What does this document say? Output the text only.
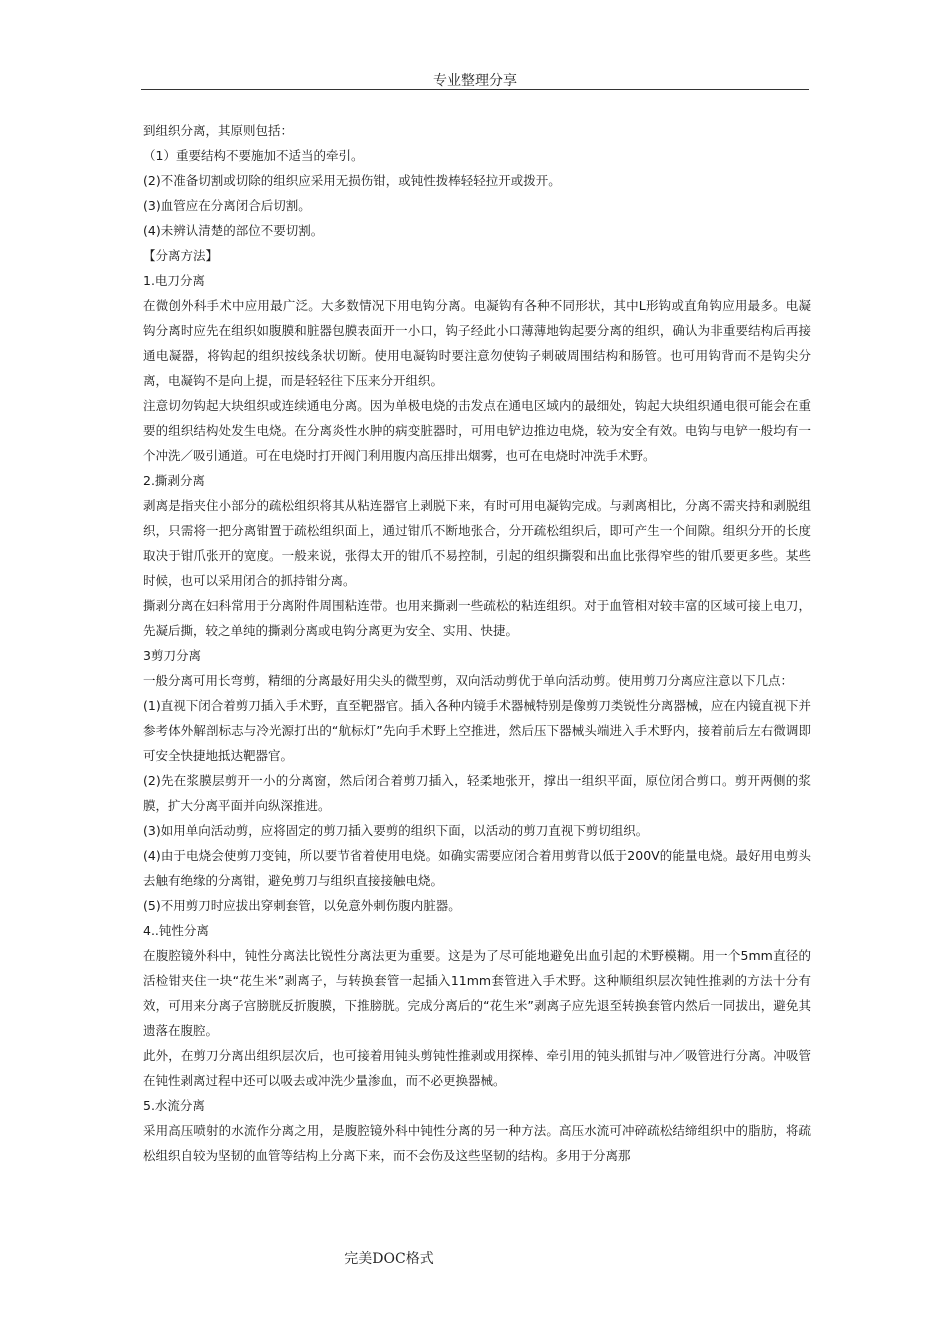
专业整理分享

到组织分离，其原则包括：

（1）重要结构不要施加不适当的牵引。

(2)不准备切割或切除的组织应采用无损伤钳，或钝性拨棒轻轻拉开或拨开。

(3)血管应在分离闭合后切割。

(4)未辨认清楚的部位不要切割。

【分离方法】

1.电刀分离

在微创外科手术中应用最广泛。大多数情况下用电钩分离。电凝钩有各种不同形状，其中L形钩或直角钩应用最多。电凝钩分离时应先在组织如腹膜和脏器包膜表面开一小口，钩子经此小口薄薄地钩起要分离的组织，确认为非重要结构后再接通电凝器，将钩起的组织按线条状切断。使用电凝钩时要注意勿使钩子刺破周围结构和肠管。也可用钩背而不是钩尖分离，电凝钩不是向上提，而是轻轻往下压来分开组织。

注意切勿钩起大块组织或连续通电分离。因为单极电烧的击发点在通电区域内的最细处，钩起大块组织通电很可能会在重要的组织结构处发生电烧。在分离炎性水肿的病变脏器时，可用电铲边推边电烧，较为安全有效。电钩与电铲一般均有一个冲洗／吸引通道。可在电烧时打开阀门利用腹内高压排出烟雾，也可在电烧时冲洗手术野。

2.撕剥分离

剥离是指夹住小部分的疏松组织将其从粘连器官上剥脱下来，有时可用电凝钩完成。与剥离相比，分离不需夹持和剥脱组织，只需将一把分离钳置于疏松组织面上，通过钳爪不断地张合，分开疏松组织后，即可产生一个间隙。组织分开的长度取决于钳爪张开的宽度。一般来说，张得太开的钳爪不易控制，引起的组织撕裂和出血比张得窄些的钳爪要更多些。某些时候，也可以采用闭合的抓持钳分离。

撕剥分离在妇科常用于分离附件周围粘连带。也用来撕剥一些疏松的粘连组织。对于血管相对较丰富的区域可接上电刀，先凝后撕，较之单纯的撕剥分离或电钩分离更为安全、实用、快捷。

3剪刀分离

一般分离可用长弯剪，精细的分离最好用尖头的微型剪，双向活动剪优于单向活动剪。使用剪刀分离应注意以下几点：

(1)直视下闭合着剪刀插入手术野，直至靶器官。插入各种内镜手术器械特别是像剪刀类锐性分离器械，应在内镜直视下并参考体外解剖标志与冷光源打出的“航标灯”先向手术野上空推进，然后压下器械头端进入手术野内，接着前后左右微调即可安全快捷地抵达靶器官。

(2)先在浆膜层剪开一小的分离窗，然后闭合着剪刀插入，轻柔地张开，撑出一组织平面，原位闭合剪口。剪开两侧的浆膜，扩大分离平面并向纵深推进。

(3)如用单向活动剪，应将固定的剪刀插入要剪的组织下面，以活动的剪刀直视下剪切组织。

(4)由于电烧会使剪刀变钝，所以要节省着使用电烧。如确实需要应闭合着用剪背以低于200V的能量电烧。最好用电剪头去触有绝缘的分离钳，避免剪刀与组织直接接触电烧。

(5)不用剪刀时应拔出穿刺套管，以免意外刺伤腹内脏器。

4..钝性分离

在腹腔镜外科中，钝性分离法比锐性分离法更为重要。这是为了尽可能地避免出血引起的术野模糊。用一个5mm直径的活检钳夹住一块“花生米”剥离子，与转换套管一起插入11mm套管进入手术野。这种顺组织层次钝性推剥的方法十分有效，可用来分离子宫膀胱反折腹膜，下推膀胱。完成分离后的“花生米”剥离子应先退至转换套管内然后一同拔出，避免其遗落在腹腔。

此外，在剪刀分离出组织层次后，也可接着用钝头剪钝性推剥或用探棒、牵引用的钝头抓钳与冲／吸管进行分离。冲吸管在钝性剥离过程中还可以吸去或冲洗少量渗血，而不必更换器械。

5.水流分离

采用高压喷射的水流作分离之用，是腹腔镜外科中钝性分离的另一种方法。高压水流可冲碎疏松结缔组织中的脂肪，将疏松组织自较为坚韧的血管等结构上分离下来，而不会伤及这些坚韧的结构。多用于分离那

完美DOC格式
